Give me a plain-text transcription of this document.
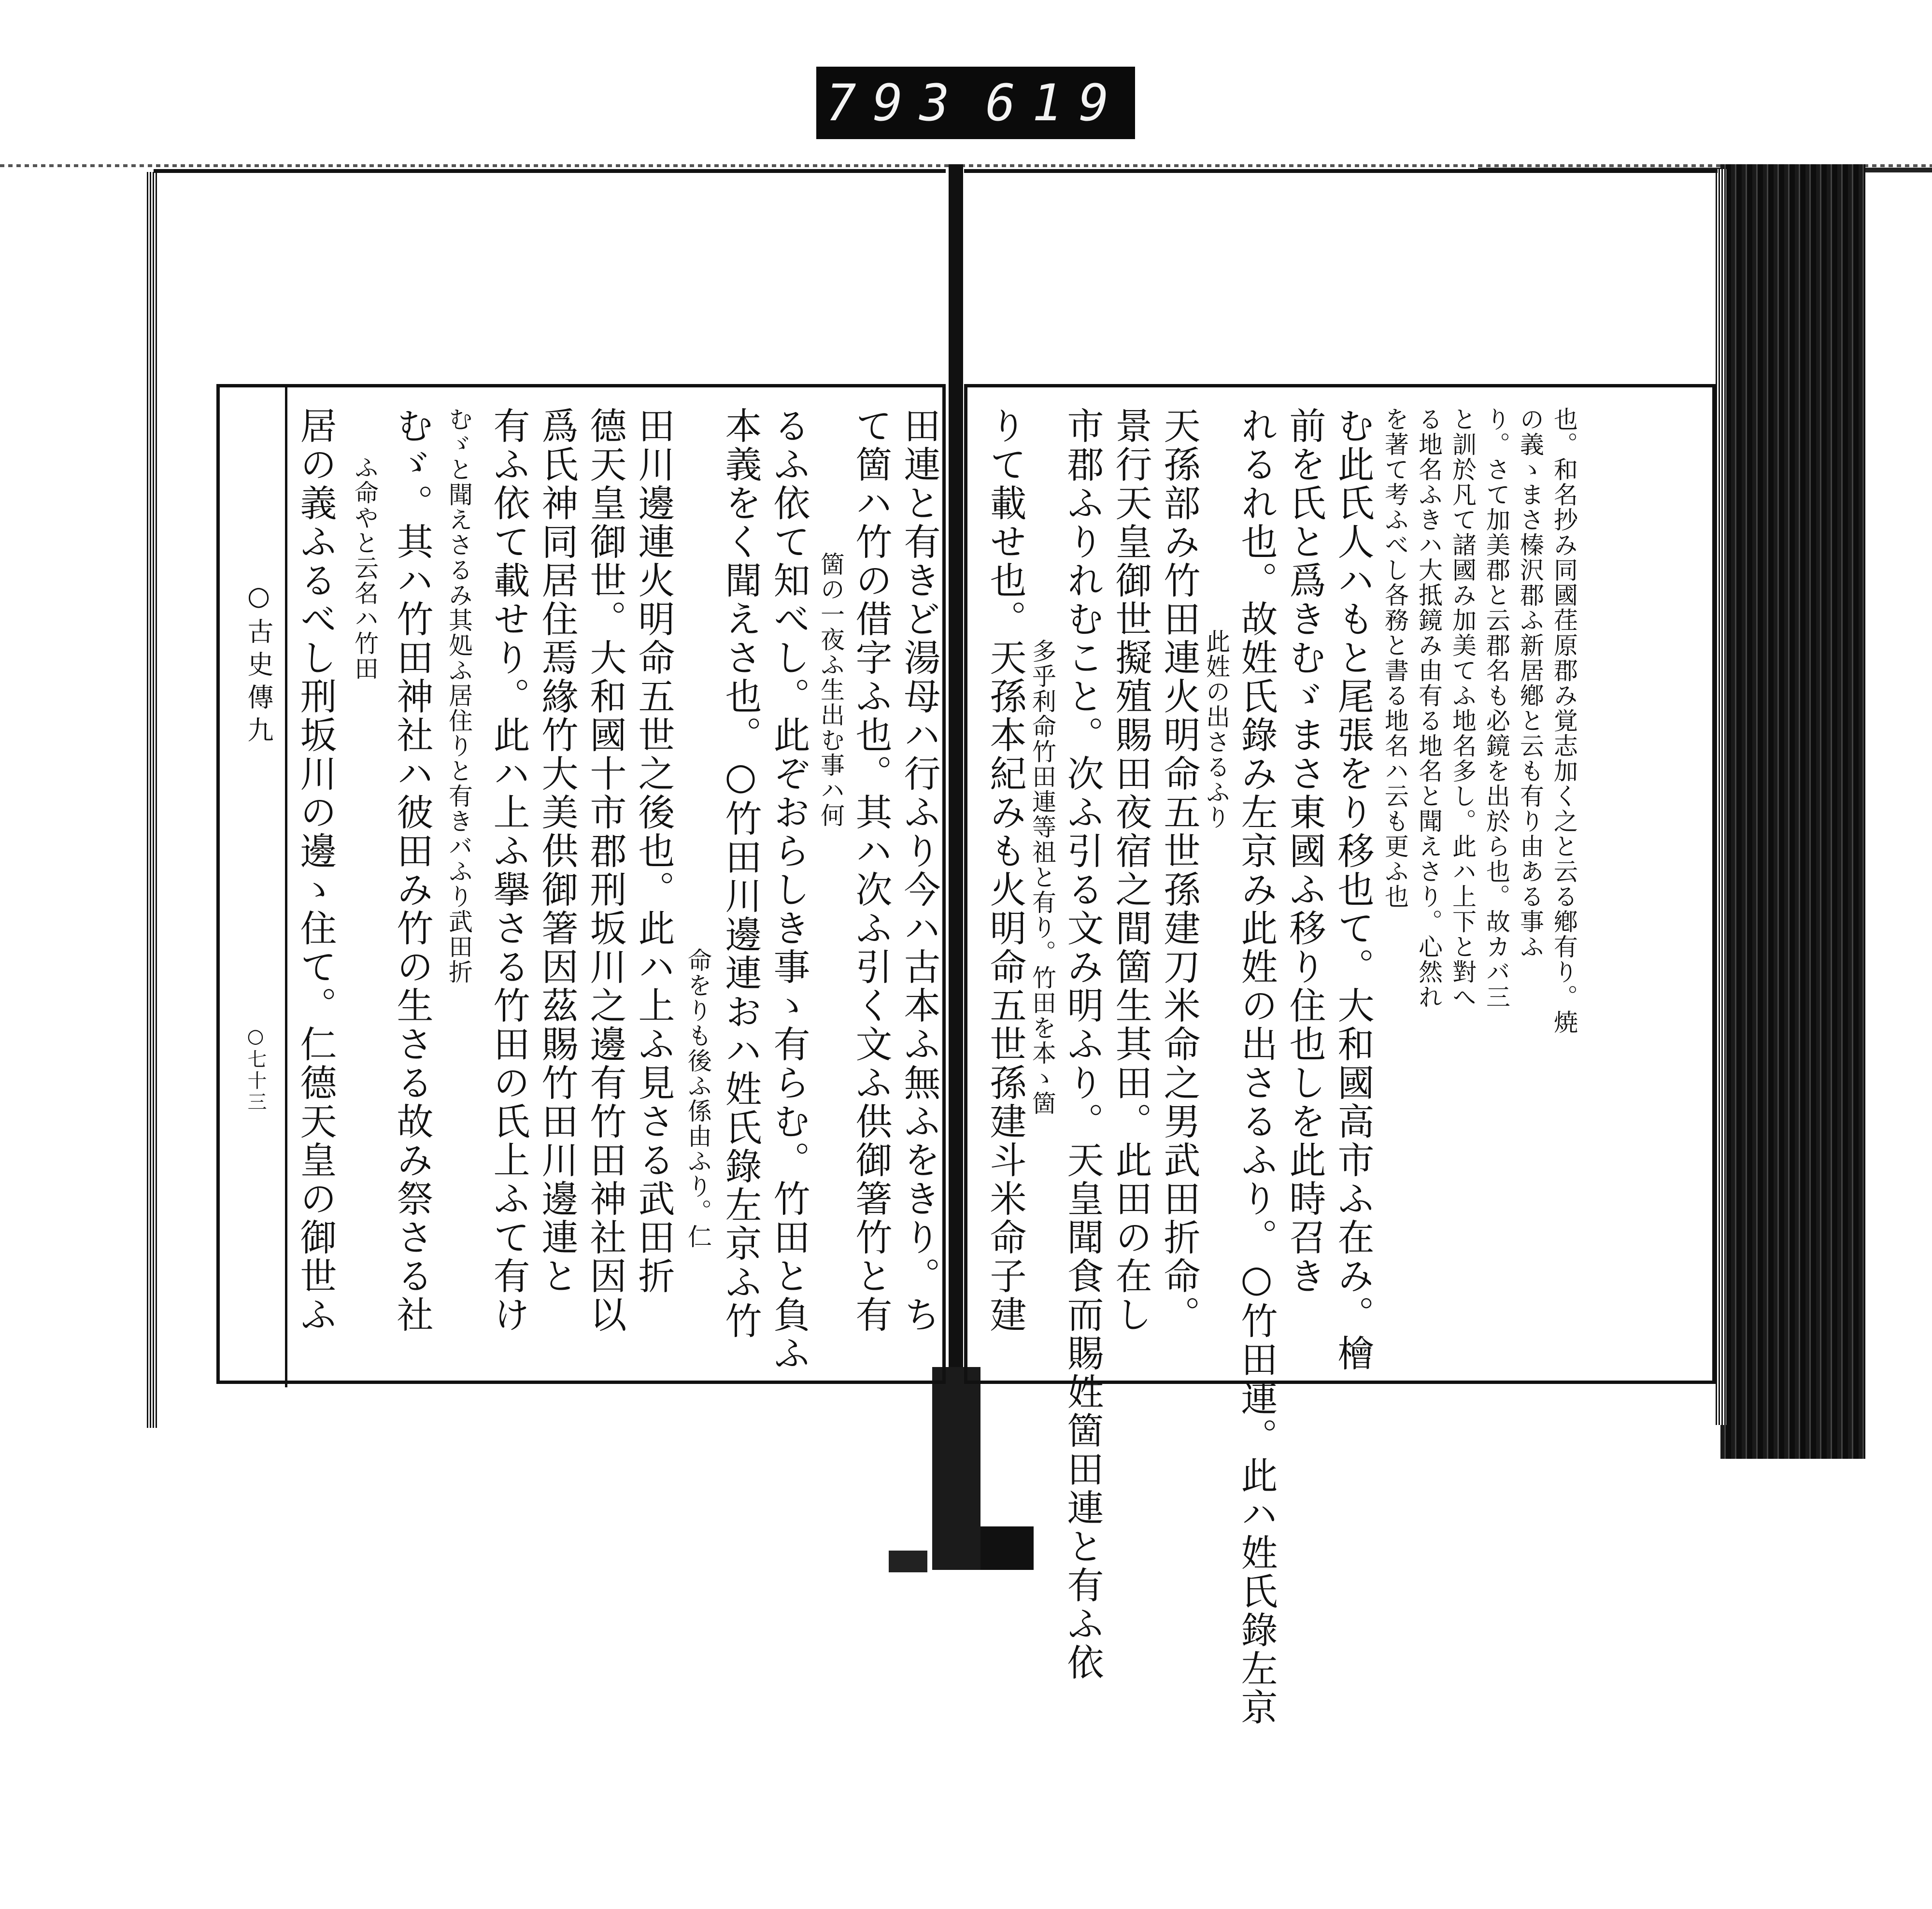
793 619
○古史傳九
○七十三 居の義ふるべし刑坂川の邊ゝ住て。仁德天皇の御世ふ ふ命やと云名ハ竹田 むゞ。其ハ竹田神社ハ彼田み竹の生さる故み祭さる社 むゞと聞えさるみ其処ふ居住りと有きバふり武田折 有ふ依て載せり。此ハ上ふ擧さる竹田の氏上ふて有け 爲氏神同居住焉緣竹大美供御箸因茲賜竹田川邊連と 德天皇御世。大和國十市郡刑坂川之邊有竹田神社因以 田川邊連火明命五世之後也。此ハ上ふ見さる武田折 命をりも後ふ係由ふり。仁 本義をく聞えさ也。○竹田川邊連おハ姓氏錄左京ふ竹 るふ依て知べし。此ぞおらしき事ゝ有らむ。竹田と負ふ 箇の一夜ふ生出む事ハ何 て箇ハ竹の借字ふ也。其ハ次ふ引く文ふ供御箸竹と有 田連と有きど湯母ハ行ふり今ハ古本ふ無ふをきり。ち りて載せ也。天孫本紀みも火明命五世孫建斗米命子建 多乎利命竹田連等祖と有り。竹田を本ゝ箇 市郡ふりれむこと。次ふ引る文み明ふり。天皇聞食而賜姓箇田連と有ふ依 景行天皇御世擬殖賜田夜宿之間箇生其田。此田の在し 天孫部み竹田連火明命五世孫建刀米命之男武田折命。 此姓の出さるふり れるれ也。故姓氏錄み左京み此姓の出さるふり。○竹田連。此ハ姓氏錄左京 前を氏と爲きむゞまさ東國ふ移り住也しを此時召き む此氏人ハもと尾張をり移也て。大和國高市ふ在み。檜 を著て考ふべし各務と書る地名ハ云も更ふ也 る地名ふきハ大抵鏡み由有る地名と聞えさり。心然れ と訓於凡て諸國み加美てふ地名多し。此ハ上下と對へ り。さて加美郡と云郡名も必鏡を出於ら也。故カバ三 の義ゝまさ榛沢郡ふ新居鄕と云も有り由ある事ふ 也。和名抄み同國荏原郡み覚志加く之と云る鄕有り。焼
